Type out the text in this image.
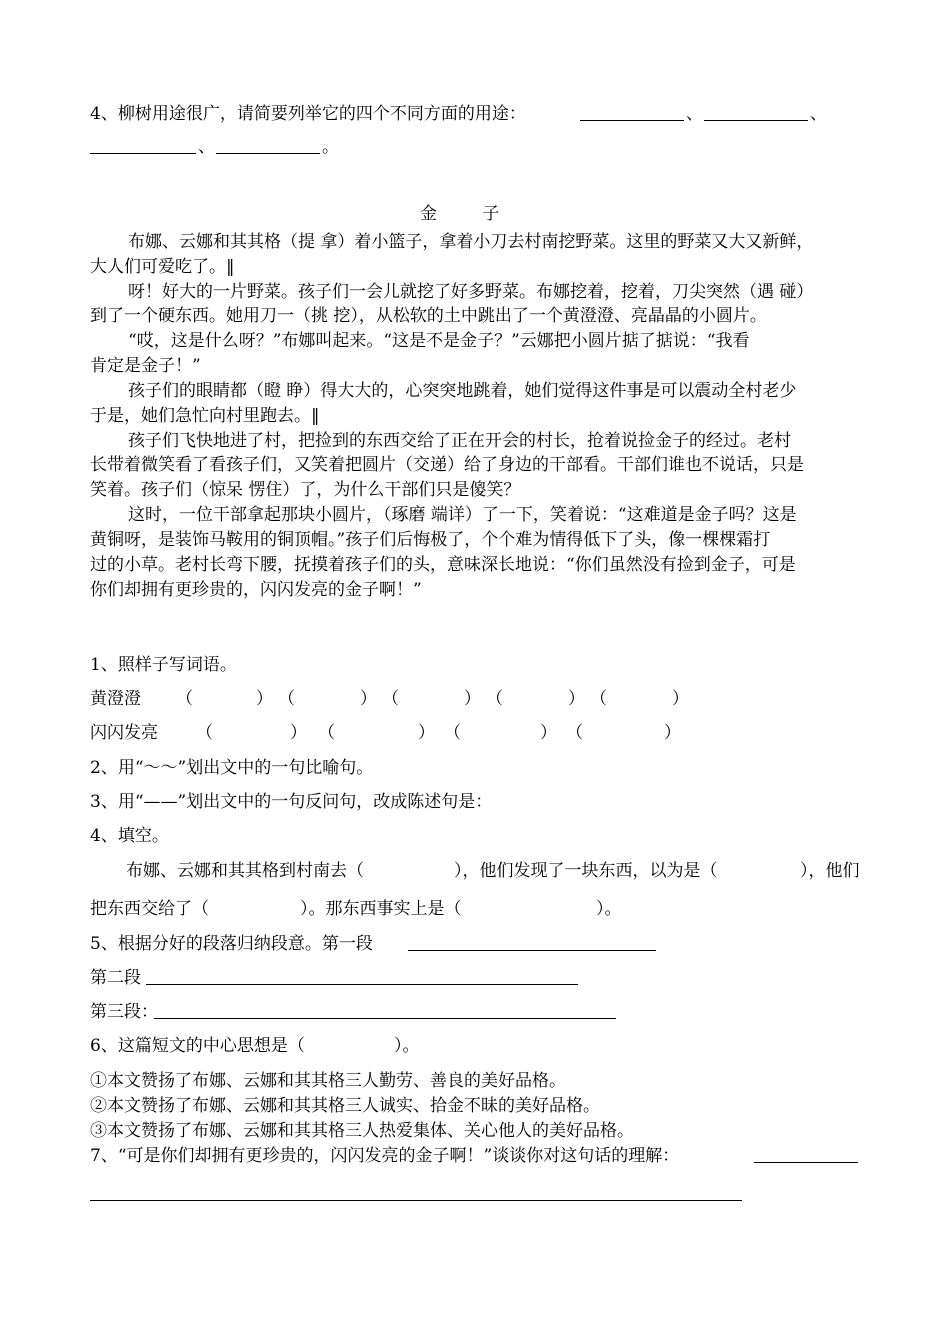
4、柳树用途很广，请简要列举它的四个不同方面的用途：	、	、
、	。
金 子
布娜、云娜和其其格（提 拿）着小篮子，拿着小刀去村南挖野菜。这里的野菜又大又新鲜，
大人们可爱吃了。‖
呀！好大的一片野菜。孩子们一会儿就挖了好多野菜。布娜挖着，挖着，刀尖突然（遇 碰）
到了一个硬东西。她用刀一（挑 挖），从松软的土中跳出了一个黄澄澄、亮晶晶的小圆片。
“哎，这是什么呀？”布娜叫起来。“这是不是金子？”云娜把小圆片掂了掂说：“我看
肯定是金子！”
孩子们的眼睛都（瞪 睁）得大大的，心突突地跳着，她们觉得这件事是可以震动全村老少
于是，她们急忙向村里跑去。‖
孩子们飞快地进了村，把捡到的东西交给了正在开会的村长，抢着说捡金子的经过。老村
长带着微笑看了看孩子们，又笑着把圆片（交递）给了身边的干部看。干部们谁也不说话，只是
笑着。孩子们（惊呆 愣住）了，为什么干部们只是傻笑？
这时，一位干部拿起那块小圆片，（琢磨 端详）了一下，笑着说：“这难道是金子吗？这是
黄铜呀，是装饰马鞍用的铜顶帽。”孩子们后悔极了，个个难为情得低下了头，像一棵棵霜打
过的小草。老村长弯下腰，抚摸着孩子们的头，意味深长地说：“你们虽然没有捡到金子，可是
你们却拥有更珍贵的，闪闪发亮的金子啊！”
1、照样子写词语。
黄澄澄 （	） （	） （	） （	） （	）
闪闪发亮 （	） （	） （	） （	）
2、用“～～”划出文中的一句比喻句。
3、用“——”划出文中的一句反问句，改成陈述句是：
4、填空。
布娜、云娜和其其格到村南去（	），他们发现了一块东西，以为是（	），他们
把东西交给了（	）。那东西事实上是（	）。
5、根据分好的段落归纳段意。第一段
第二段
第三段：
6、这篇短文的中心思想是（	）。
①本文赞扬了布娜、云娜和其其格三人勤劳、善良的美好品格。
②本文赞扬了布娜、云娜和其其格三人诚实、拾金不昧的美好品格。
③本文赞扬了布娜、云娜和其其格三人热爱集体、关心他人的美好品格。
7、“可是你们却拥有更珍贵的，闪闪发亮的金子啊！”谈谈你对这句话的理解：
